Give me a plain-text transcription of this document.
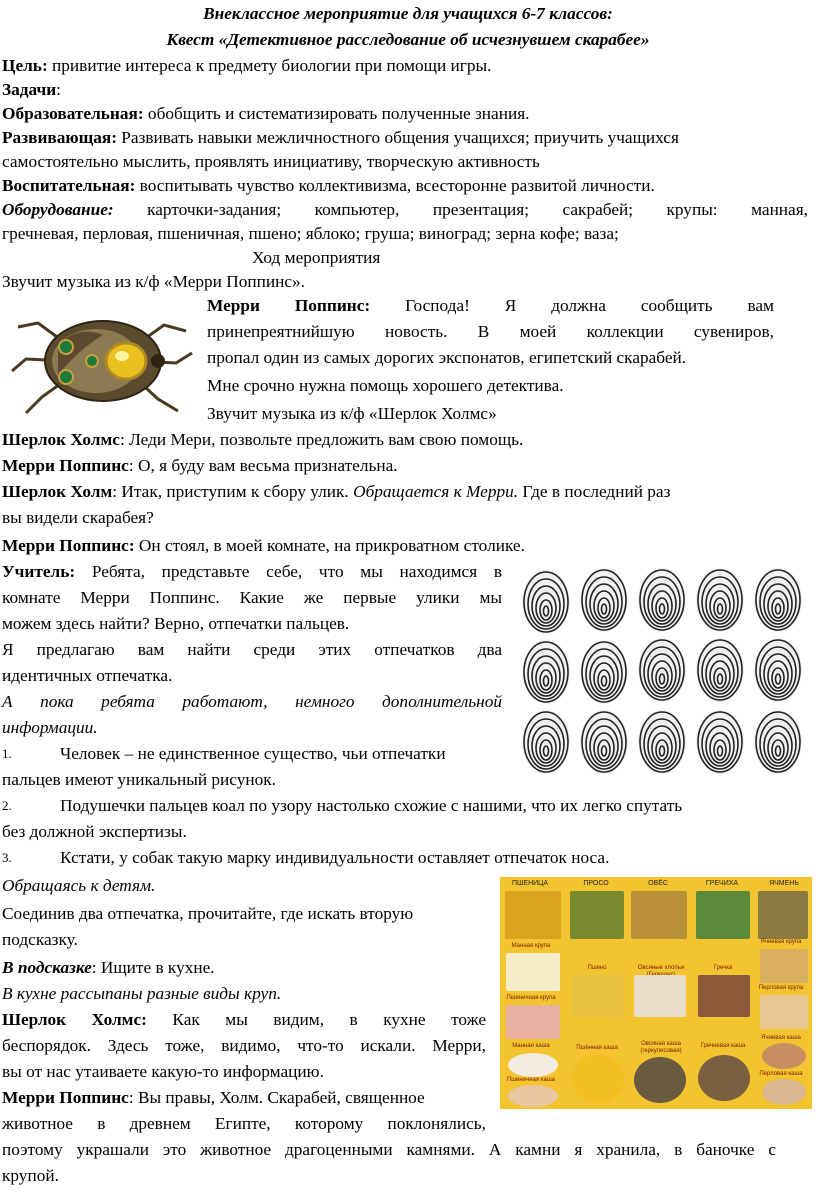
Внеклассное мероприятие для учащихся 6-7 классов:
Квест «Детективное расследование об исчезнувшем скарабее»
Цель: привитие интереса к предмету биологии при помощи игры.
Задачи:
Образовательная: обобщить и систематизировать полученные знания.
Развивающая: Развивать навыки межличностного общения учащихся; приучить учащихся
самостоятельно мыслить, проявлять инициативу, творческую активность
Воспитательная: воспитывать чувство коллективизма, всесторонне развитой личности.
Оборудование: карточки-задания; компьютер, презентация; сакрабей; крупы: манная,
гречневая, перловая, пшеничная, пшено; яблоко; груша; виноград; зерна кофе; ваза;
Ход мероприятия
Звучит музыка из к/ф «Мерри Поппинс».
Мерри Поппинс: Господа! Я должна сообщить вам
принепреятнийшую новость. В моей коллекции сувениров,
пропал один из самых дорогих экспонатов, египетский скарабей.
Мне срочно нужна помощь хорошего детектива.
Звучит музыка из к/ф «Шерлок Холмс»
Шерлок Холмс: Леди Мери, позвольте предложить вам свою помощь.
Мерри Поппинс: О, я буду вам весьма признательна.
Шерлок Холм: Итак, приступим к сбору улик. Обращается к Мерри. Где в последний раз
вы видели скарабея?
Мерри Поппинс: Он стоял, в моей комнате, на прикроватном столике.
Учитель: Ребята, представьте себе, что мы находимся в
комнате Мерри Поппинс. Какие же первые улики мы
можем здесь найти? Верно, отпечатки пальцев.
Я предлагаю вам найти среди этих отпечатков два
идентичных отпечатка.
А пока ребята работают, немного дополнительной
информации.
1.	Человек – не единственное существо, чьи отпечатки
пальцев имеют уникальный рисунок.
2.	Подушечки пальцев коал по узору настолько схожие с нашими, что их легко спутать
без должной экспертизы.
3.	Кстати, у собак такую марку индивидуальности оставляет отпечаток носа.
Обращаясь к детям.
Соединив два отпечатка, прочитайте, где искать вторую
подсказку.
В подсказке: Ищите в кухне.
В кухне рассыпаны разные виды круп.
Шерлок Холмс: Как мы видим, в кухне тоже
беспорядок. Здесь тоже, видимо, что-то искали. Мерри,
вы от нас утаиваете какую-то информацию.
Мерри Поппинс: Вы правы, Холм. Скарабей, священное
животное в древнем Египте, которому поклонялись,
поэтому украшали это животное драгоценными камнями. А камни я хранила, в баночке с
крупой.
ПШЕНИЦА	ПРОСО	ОВЁС	ГРЕЧИХА	ЯЧМЕНЬ
Манная крупа
Пшено	Овсяные хлопья	Гречка
Ячневая крупа
Пшеничная крупа
Перловая крупа
Манная каша	Пшённая каша
Овсяная каша (геркулесовая)
Гречневая каша
Ячневая каша
Пшеничная каша
Перловая каша
